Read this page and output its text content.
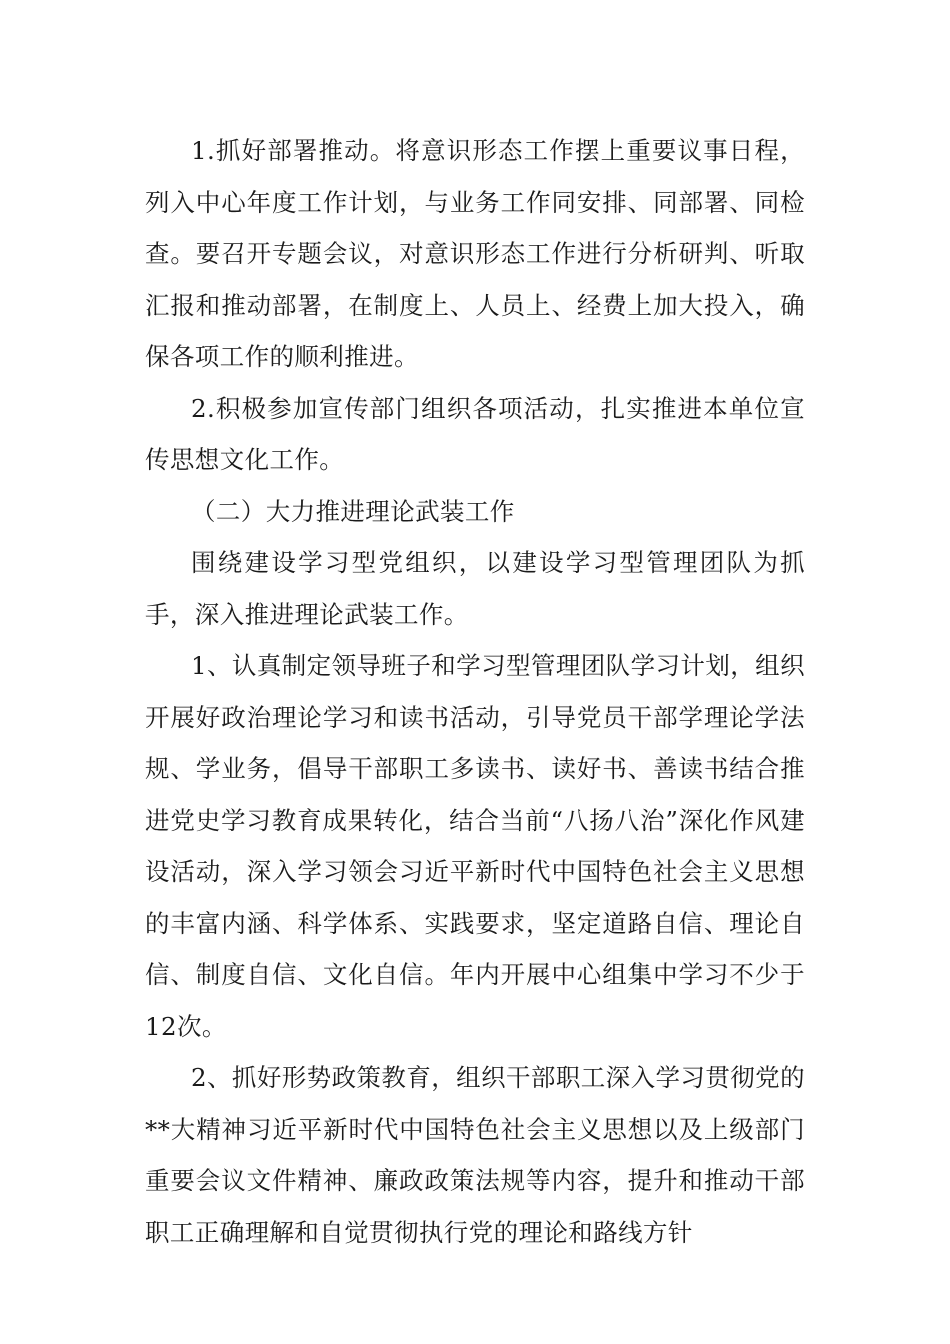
1.抓好部署推动。将意识形态工作摆上重要议事日程，列入中心年度工作计划，与业务工作同安排、同部署、同检查。要召开专题会议，对意识形态工作进行分析研判、听取汇报和推动部署，在制度上、人员上、经费上加大投入，确保各项工作的顺利推进。

2.积极参加宣传部门组织各项活动，扎实推进本单位宣传思想文化工作。

（二）大力推进理论武装工作

围绕建设学习型党组织，以建设学习型管理团队为抓手，深入推进理论武装工作。

1、认真制定领导班子和学习型管理团队学习计划，组织开展好政治理论学习和读书活动，引导党员干部学理论学法规、学业务，倡导干部职工多读书、读好书、善读书结合推进党史学习教育成果转化，结合当前“八扬八治”深化作风建设活动，深入学习领会习近平新时代中国特色社会主义思想的丰富内涵、科学体系、实践要求，坚定道路自信、理论自信、制度自信、文化自信。年内开展中心组集中学习不少于12次。

2、抓好形势政策教育，组织干部职工深入学习贯彻党的**大精神习近平新时代中国特色社会主义思想以及上级部门重要会议文件精神、廉政政策法规等内容，提升和推动干部职工正确理解和自觉贯彻执行党的理论和路线方针
